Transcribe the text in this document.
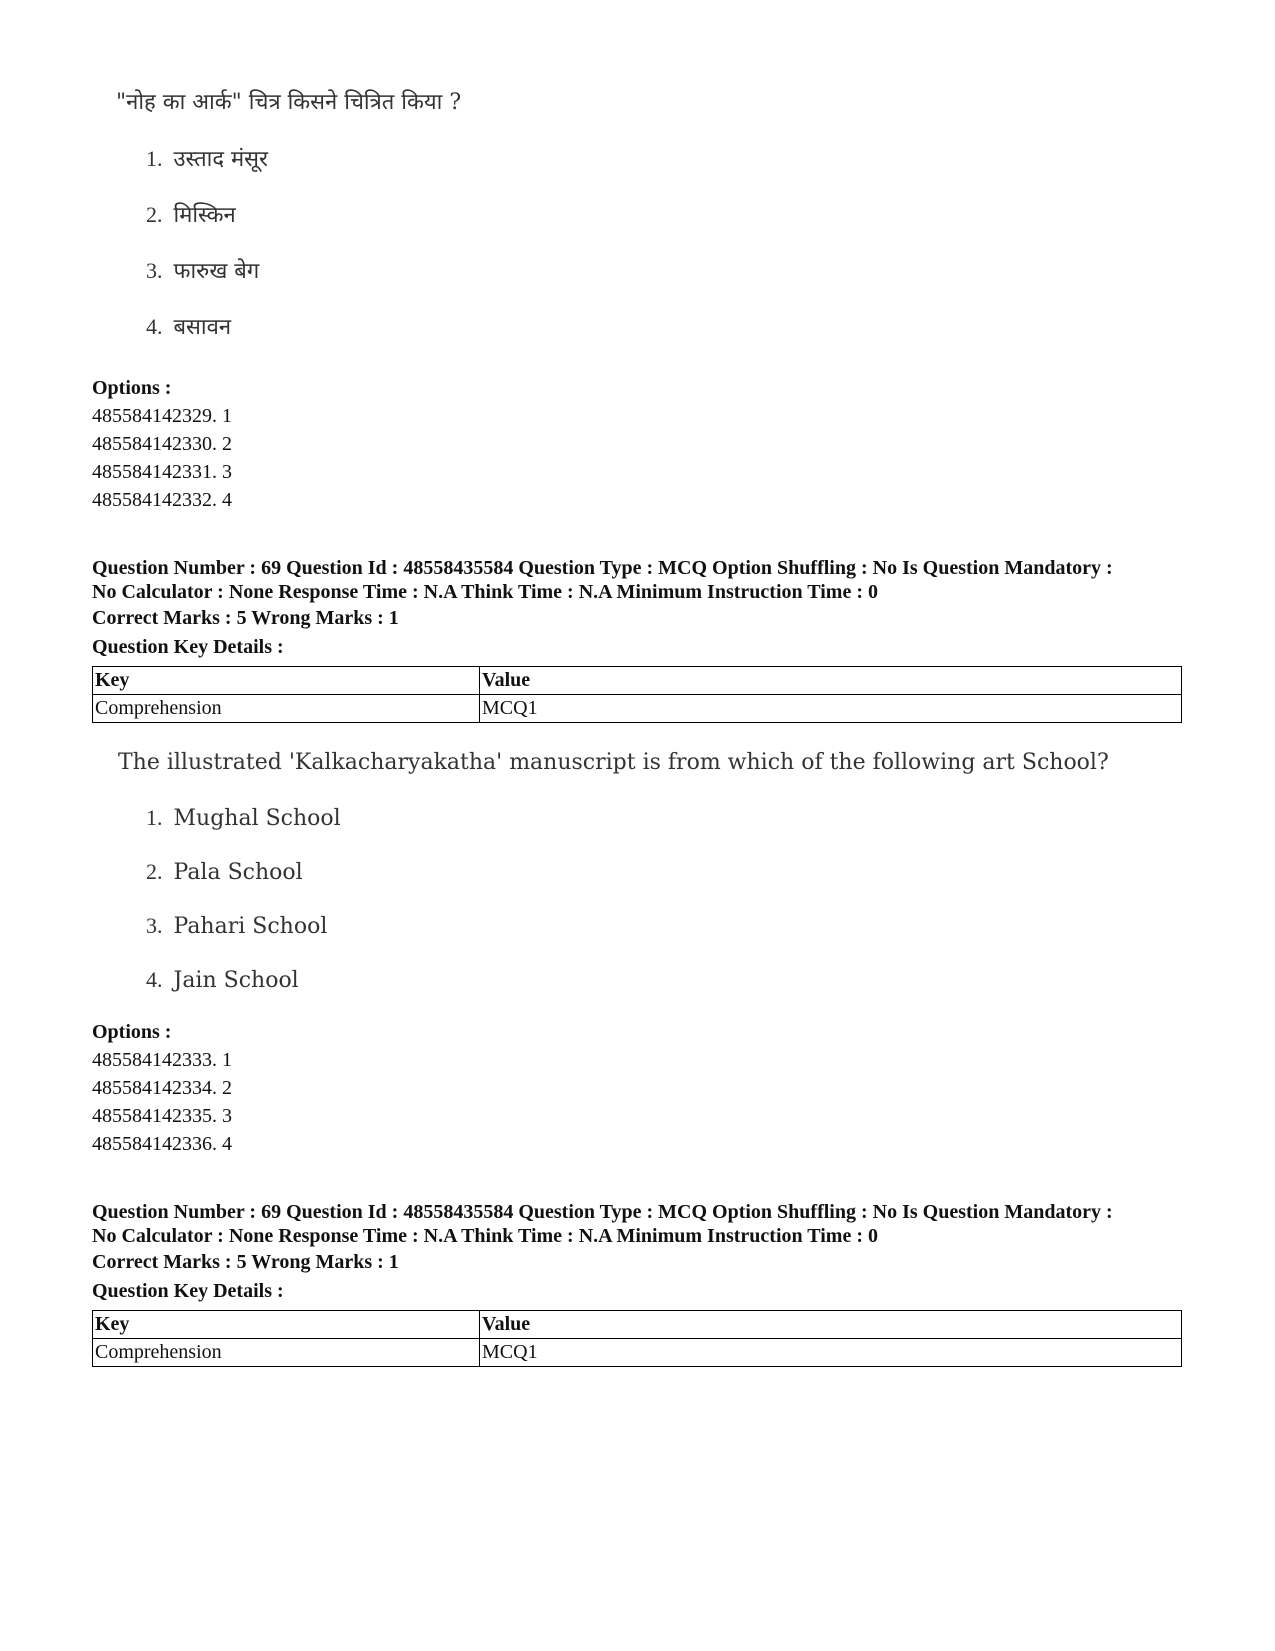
"नोह का आर्क" चित्र किसने चित्रित किया ?
1. उस्ताद मंसूर
2. मिस्किन
3. फारुख बेग
4. बसावन
Options :
485584142329. 1
485584142330. 2
485584142331. 3
485584142332. 4
Question Number : 69 Question Id : 48558435584 Question Type : MCQ Option Shuffling : No Is Question Mandatory :
No Calculator : None Response Time : N.A Think Time : N.A Minimum Instruction Time : 0
Correct Marks : 5 Wrong Marks : 1
Question Key Details :
Key	Value
Comprehension	MCQ1
The illustrated 'Kalkacharyakatha' manuscript is from which of the following art School?
1. Mughal School
2. Pala School
3. Pahari School
4. Jain School
Options :
485584142333. 1
485584142334. 2
485584142335. 3
485584142336. 4
Question Number : 69 Question Id : 48558435584 Question Type : MCQ Option Shuffling : No Is Question Mandatory :
No Calculator : None Response Time : N.A Think Time : N.A Minimum Instruction Time : 0
Correct Marks : 5 Wrong Marks : 1
Question Key Details :
Key	Value
Comprehension	MCQ1
